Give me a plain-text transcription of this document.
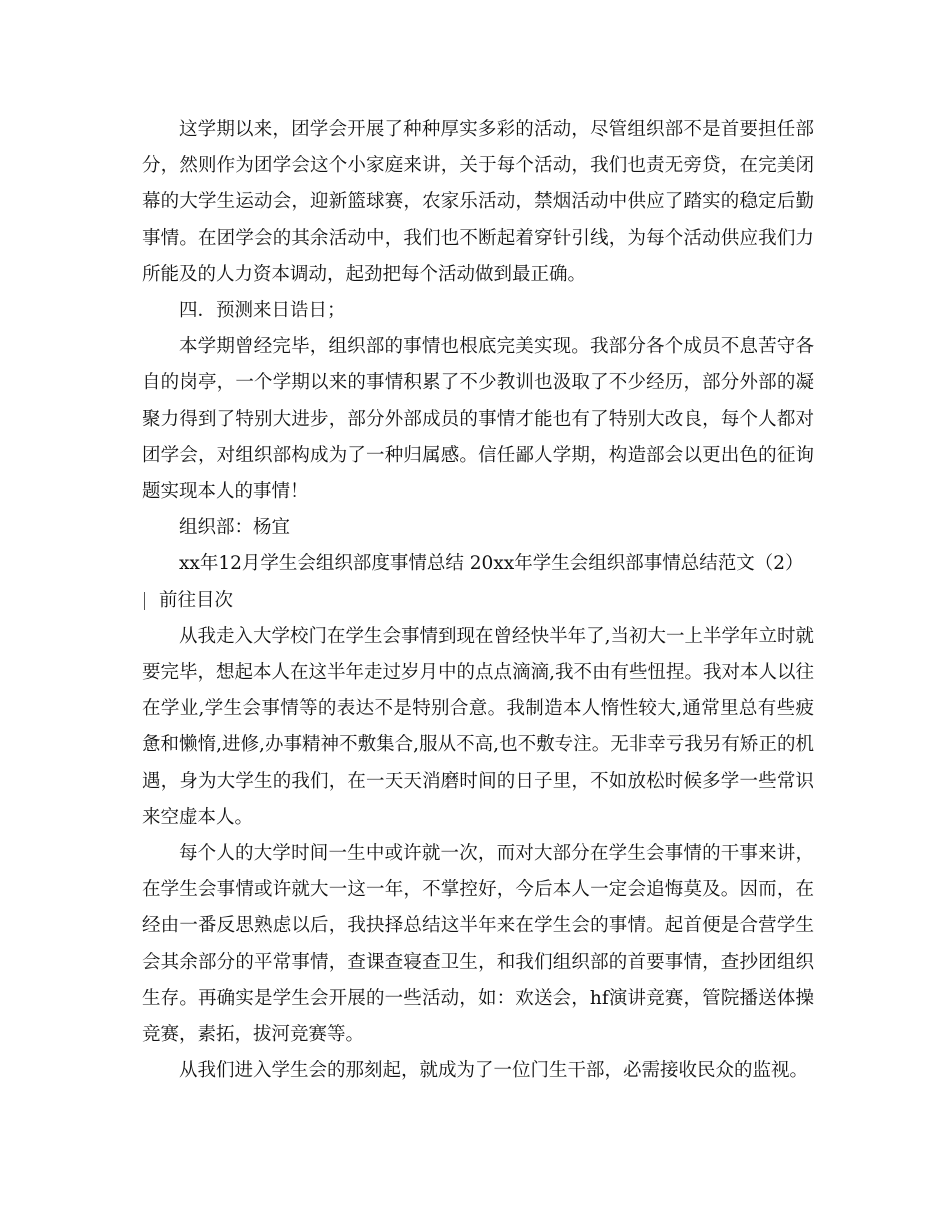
这学期以来，团学会开展了种种厚实多彩的活动，尽管组织部不是首要担任部分，然则作为团学会这个小家庭来讲，关于每个活动，我们也责无旁贷，在完美闭幕的大学生运动会，迎新篮球赛，农家乐活动，禁烟活动中供应了踏实的稳定后勤事情。在团学会的其余活动中，我们也不断起着穿针引线，为每个活动供应我们力所能及的人力资本调动，起劲把每个活动做到最正确。

四．预测来日诰日；

本学期曾经完毕，组织部的事情也根底完美实现。我部分各个成员不息苦守各自的岗亭，一个学期以来的事情积累了不少教训也汲取了不少经历，部分外部的凝聚力得到了特别大进步，部分外部成员的事情才能也有了特别大改良，每个人都对团学会，对组织部构成为了一种归属感。信任鄙人学期，构造部会以更出色的征询题实现本人的事情！

组织部：杨宜

xx年12月学生会组织部度事情总结 20xx年学生会组织部事情总结范文（2）

前往目次

从我走入大学校门在学生会事情到现在曾经快半年了,当初大一上半学年立时就要完毕，想起本人在这半年走过岁月中的点点滴滴,我不由有些忸捏。我对本人以往在学业,学生会事情等的表达不是特别合意。我制造本人惰性较大,通常里总有些疲惫和懒惰,进修,办事精神不敷集合,服从不高,也不敷专注。无非幸亏我另有矫正的机遇，身为大学生的我们，在一天天消磨时间的日子里，不如放松时候多学一些常识来空虚本人。

每个人的大学时间一生中或许就一次，而对大部分在学生会事情的干事来讲，在学生会事情或许就大一这一年，不掌控好，今后本人一定会追悔莫及。因而，在经由一番反思熟虑以后，我抉择总结这半年来在学生会的事情。起首便是合营学生会其余部分的平常事情，查课查寝查卫生，和我们组织部的首要事情，查抄团组织生存。再确实是学生会开展的一些活动，如：欢送会，hf演讲竞赛，管院播送体操竞赛，素拓，拔河竞赛等。

从我们进入学生会的那刻起，就成为了一位门生干部，必需接收民众的监视。
